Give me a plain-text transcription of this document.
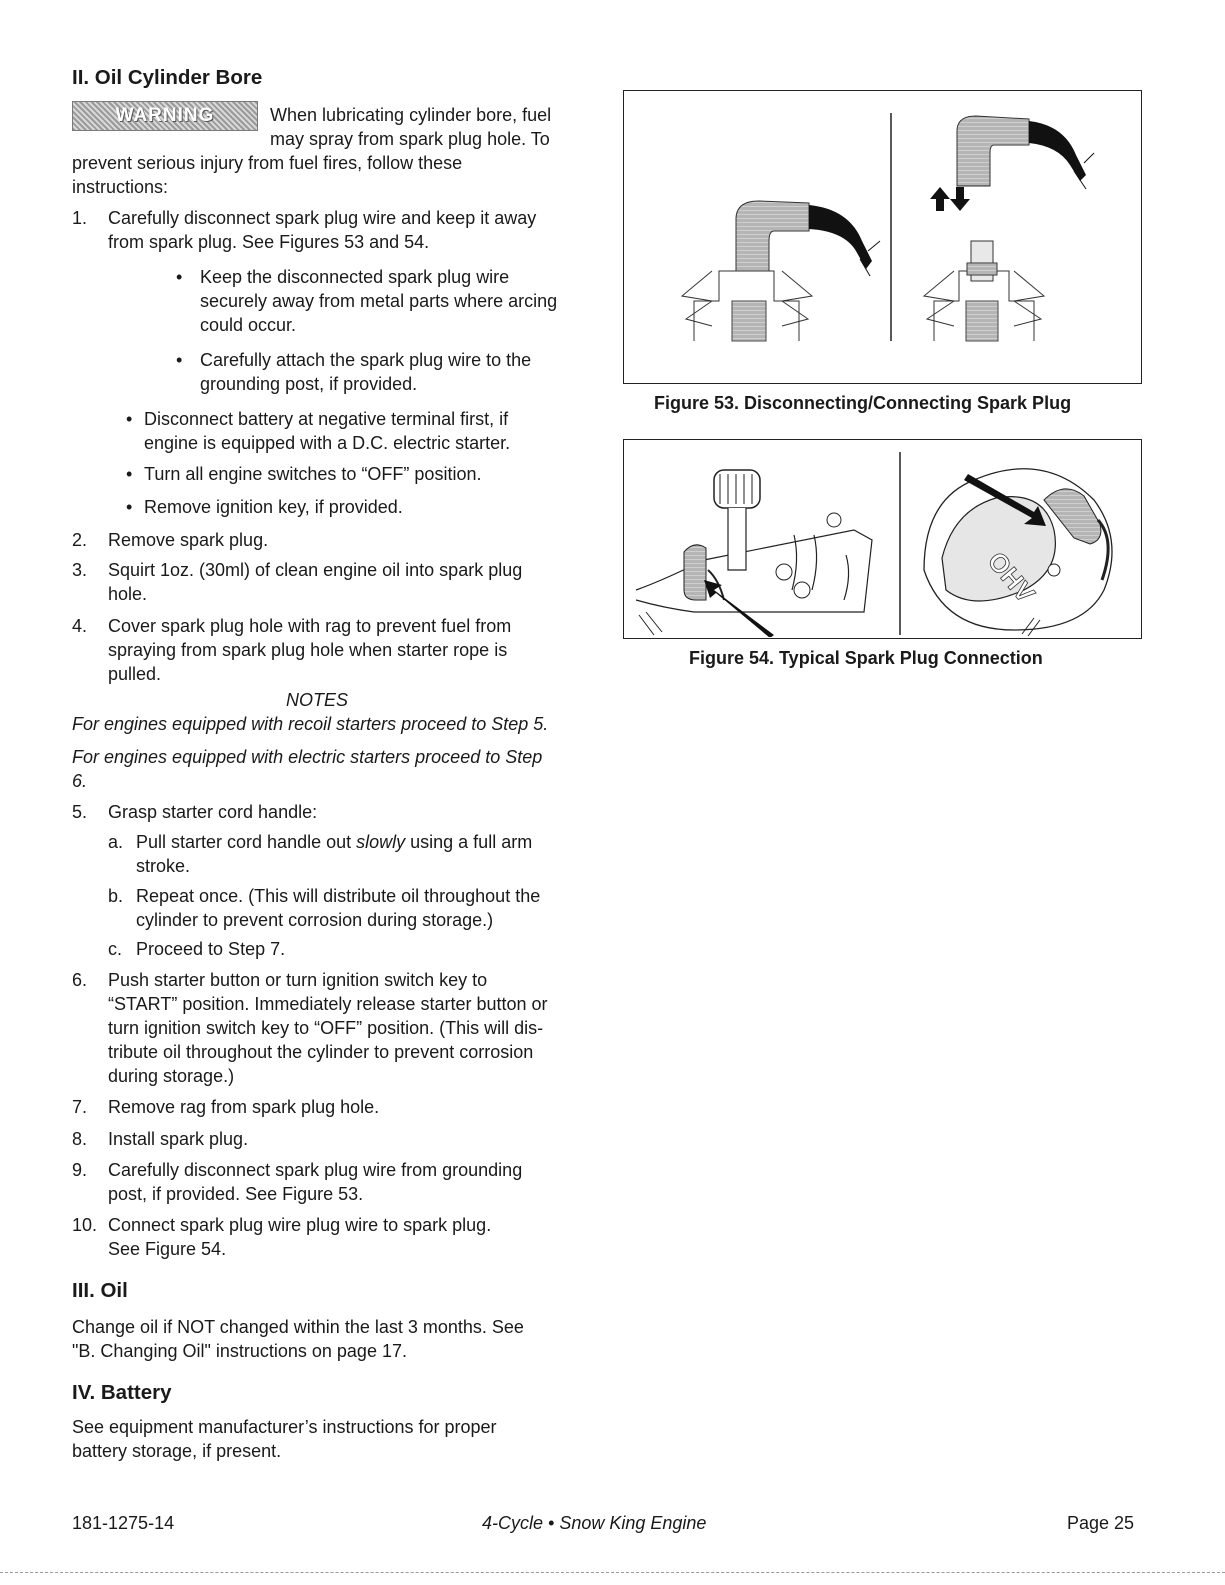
II. Oil Cylinder Bore
WARNING	When lubricating cylinder bore, fuel
may spray from spark plug hole. To
prevent serious injury from fuel fires, follow these
instructions:
1. Carefully disconnect spark plug wire and keep it away
from spark plug. See Figures 53 and 54.
• Keep the disconnected spark plug wire
securely away from metal parts where arcing
could occur.
• Carefully attach the spark plug wire to the
grounding post, if provided.
• Disconnect battery at negative terminal first, if
engine is equipped with a D.C. electric starter.
• Turn all engine switches to “OFF” position.
• Remove ignition key, if provided.
2. Remove spark plug.
3. Squirt 1oz. (30ml) of clean engine oil into spark plug
hole.
4. Cover spark plug hole with rag to prevent fuel from
spraying from spark plug hole when starter rope is
pulled.
NOTES
For engines equipped with recoil starters proceed to Step 5.
For engines equipped with electric starters proceed to Step
6.
5. Grasp starter cord handle:
a. Pull starter cord handle out slowly using a full arm
stroke.
b. Repeat once. (This will distribute oil throughout the
cylinder to prevent corrosion during storage.)
c. Proceed to Step 7.
6. Push starter button or turn ignition switch key to
“START” position. Immediately release starter button or
turn ignition switch key to “OFF” position. (This will dis-
tribute oil throughout the cylinder to prevent corrosion
during storage.)
7. Remove rag from spark plug hole.
8. Install spark plug.
9. Carefully disconnect spark plug wire from grounding
post, if provided. See Figure 53.
10. Connect spark plug wire plug wire to spark plug.
See Figure 54.
III. Oil
Change oil if NOT changed within the last 3 months. See
"B. Changing Oil" instructions on page 17.
IV. Battery
See equipment manufacturer’s instructions for proper
battery storage, if present.
Figure 53. Disconnecting/Connecting Spark Plug
OHV
Figure 54. Typical Spark Plug Connection
181-1275-14	4-Cycle • Snow King Engine	Page 25
